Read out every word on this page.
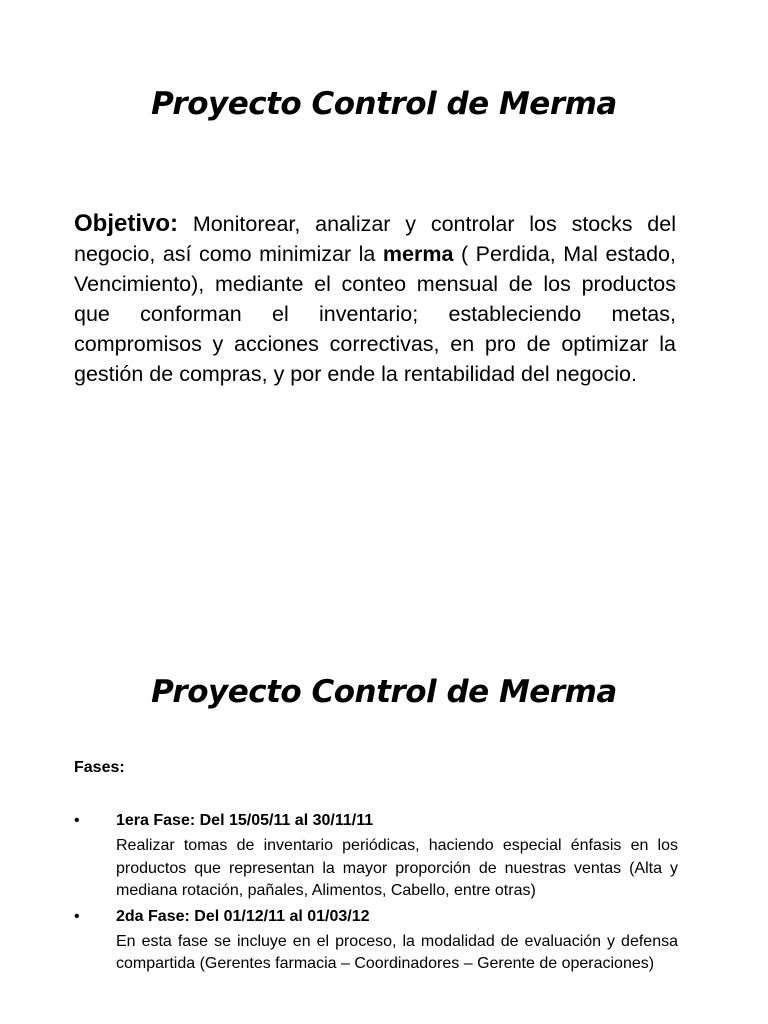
Proyecto Control de Merma

Objetivo: Monitorear, analizar y controlar los stocks del negocio, así como minimizar la merma ( Perdida, Mal estado, Vencimiento), mediante el conteo mensual de los productos que conforman el inventario; estableciendo metas, compromisos y acciones correctivas, en pro de optimizar la gestión de compras, y por ende la rentabilidad del negocio.

Proyecto Control de Merma

Fases:

• 1era Fase: Del 15/05/11 al 30/11/11
Realizar tomas de inventario periódicas, haciendo especial énfasis en los productos que representan la mayor proporción de nuestras ventas (Alta y mediana rotación, pañales, Alimentos, Cabello, entre otras)
• 2da Fase: Del 01/12/11 al 01/03/12
En esta fase se incluye en el proceso, la modalidad de evaluación y defensa compartida (Gerentes farmacia – Coordinadores – Gerente de operaciones)
